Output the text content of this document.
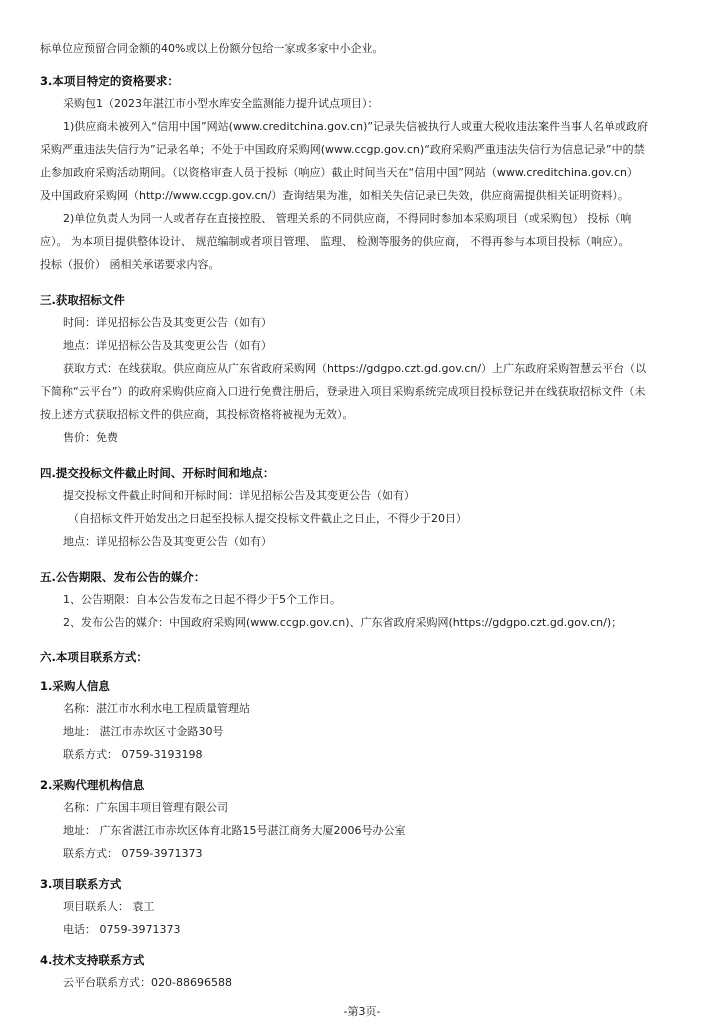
标单位应预留合同金额的40%或以上份额分包给一家或多家中小企业。
3.本项目特定的资格要求：
采购包1（2023年湛江市小型水库安全监测能力提升试点项目）：
1)供应商未被列入“信用中国”网站(www.creditchina.gov.cn)”记录失信被执行人或重大税收违法案件当事人名单或政府
采购严重违法失信行为”记录名单；不处于中国政府采购网(www.ccgp.gov.cn)“政府采购严重违法失信行为信息记录”中的禁
止参加政府采购活动期间。（以资格审查人员于投标（响应）截止时间当天在“信用中国”网站（www.creditchina.gov.cn）
及中国政府采购网（http://www.ccgp.gov.cn/）查询结果为准，如相关失信记录已失效，供应商需提供相关证明资料）。
2)单位负责人为同一人或者存在直接控股、 管理关系的不同供应商，不得同时参加本采购项目（或采购包） 投标（响
应）。 为本项目提供整体设计、 规范编制或者项目管理、 监理、 检测等服务的供应商， 不得再参与本项目投标（响应）。
投标（报价） 函相关承诺要求内容。
三.获取招标文件
时间：详见招标公告及其变更公告（如有）
地点：详见招标公告及其变更公告（如有）
获取方式：在线获取。供应商应从广东省政府采购网（https://gdgpo.czt.gd.gov.cn/）上广东政府采购智慧云平台（以
下简称“云平台”）的政府采购供应商入口进行免费注册后，登录进入项目采购系统完成项目投标登记并在线获取招标文件（未
按上述方式获取招标文件的供应商，其投标资格将被视为无效）。
售价：免费
四.提交投标文件截止时间、开标时间和地点：
提交投标文件截止时间和开标时间：详见招标公告及其变更公告（如有）
（自招标文件开始发出之日起至投标人提交投标文件截止之日止，不得少于20日）
地点：详见招标公告及其变更公告（如有）
五.公告期限、发布公告的媒介：
1、公告期限：自本公告发布之日起不得少于5个工作日。
2、发布公告的媒介：中国政府采购网(www.ccgp.gov.cn)、广东省政府采购网(https://gdgpo.czt.gd.gov.cn/)；
六.本项目联系方式：
1.采购人信息
名称：湛江市水利水电工程质量管理站
地址： 湛江市赤坎区寸金路30号
联系方式： 0759-3193198
2.采购代理机构信息
名称：广东国丰项目管理有限公司
地址： 广东省湛江市赤坎区体育北路15号湛江商务大厦2006号办公室
联系方式： 0759-3971373
3.项目联系方式
项目联系人： 袁工
电话： 0759-3971373
4.技术支持联系方式
云平台联系方式：020-88696588
-第3页-
